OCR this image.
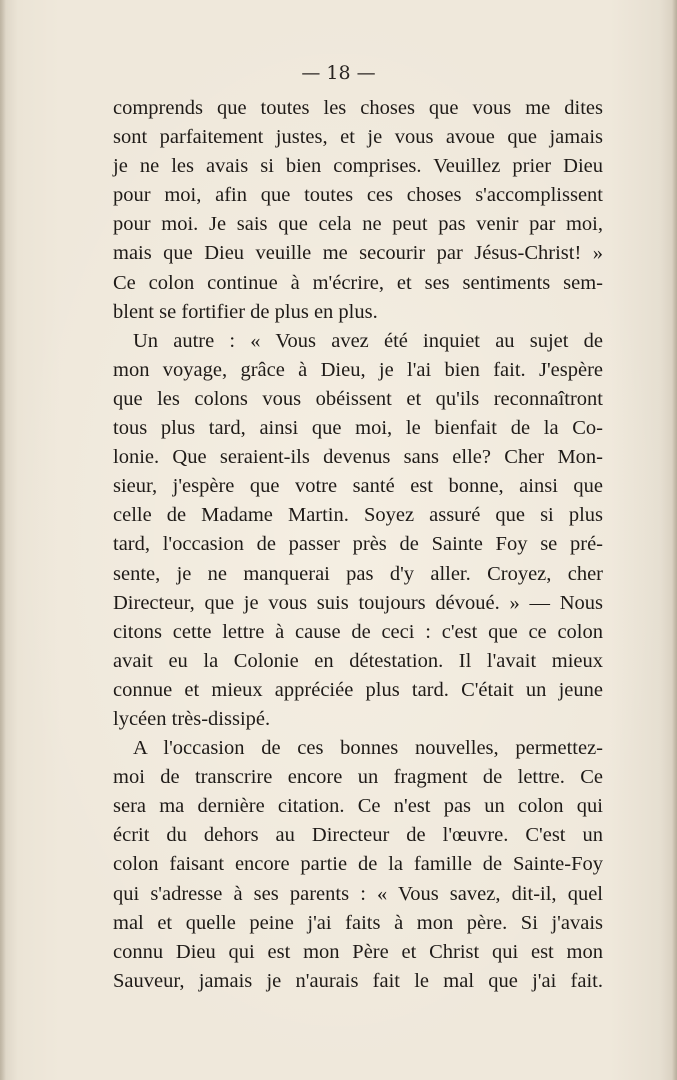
— 18 —
comprends que toutes les choses que vous me dites
sont parfaitement justes, et je vous avoue que jamais
je ne les avais si bien comprises. Veuillez prier Dieu
pour moi, afin que toutes ces choses s'accomplissent
pour moi. Je sais que cela ne peut pas venir par moi,
mais que Dieu veuille me secourir par Jésus-Christ! »
Ce colon continue à m'écrire, et ses sentiments sem-
blent se fortifier de plus en plus.
Un autre : « Vous avez été inquiet au sujet de
mon voyage, grâce à Dieu, je l'ai bien fait. J'espère
que les colons vous obéissent et qu'ils reconnaîtront
tous plus tard, ainsi que moi, le bienfait de la Co-
lonie. Que seraient-ils devenus sans elle? Cher Mon-
sieur, j'espère que votre santé est bonne, ainsi que
celle de Madame Martin. Soyez assuré que si plus
tard, l'occasion de passer près de Sainte Foy se pré-
sente, je ne manquerai pas d'y aller. Croyez, cher
Directeur, que je vous suis toujours dévoué. » — Nous
citons cette lettre à cause de ceci : c'est que ce colon
avait eu la Colonie en détestation. Il l'avait mieux
connue et mieux appréciée plus tard. C'était un jeune
lycéen très-dissipé.
A l'occasion de ces bonnes nouvelles, permettez-
moi de transcrire encore un fragment de lettre. Ce
sera ma dernière citation. Ce n'est pas un colon qui
écrit du dehors au Directeur de l'œuvre. C'est un
colon faisant encore partie de la famille de Sainte-Foy
qui s'adresse à ses parents : « Vous savez, dit-il, quel
mal et quelle peine j'ai faits à mon père. Si j'avais
connu Dieu qui est mon Père et Christ qui est mon
Sauveur, jamais je n'aurais fait le mal que j'ai fait.
